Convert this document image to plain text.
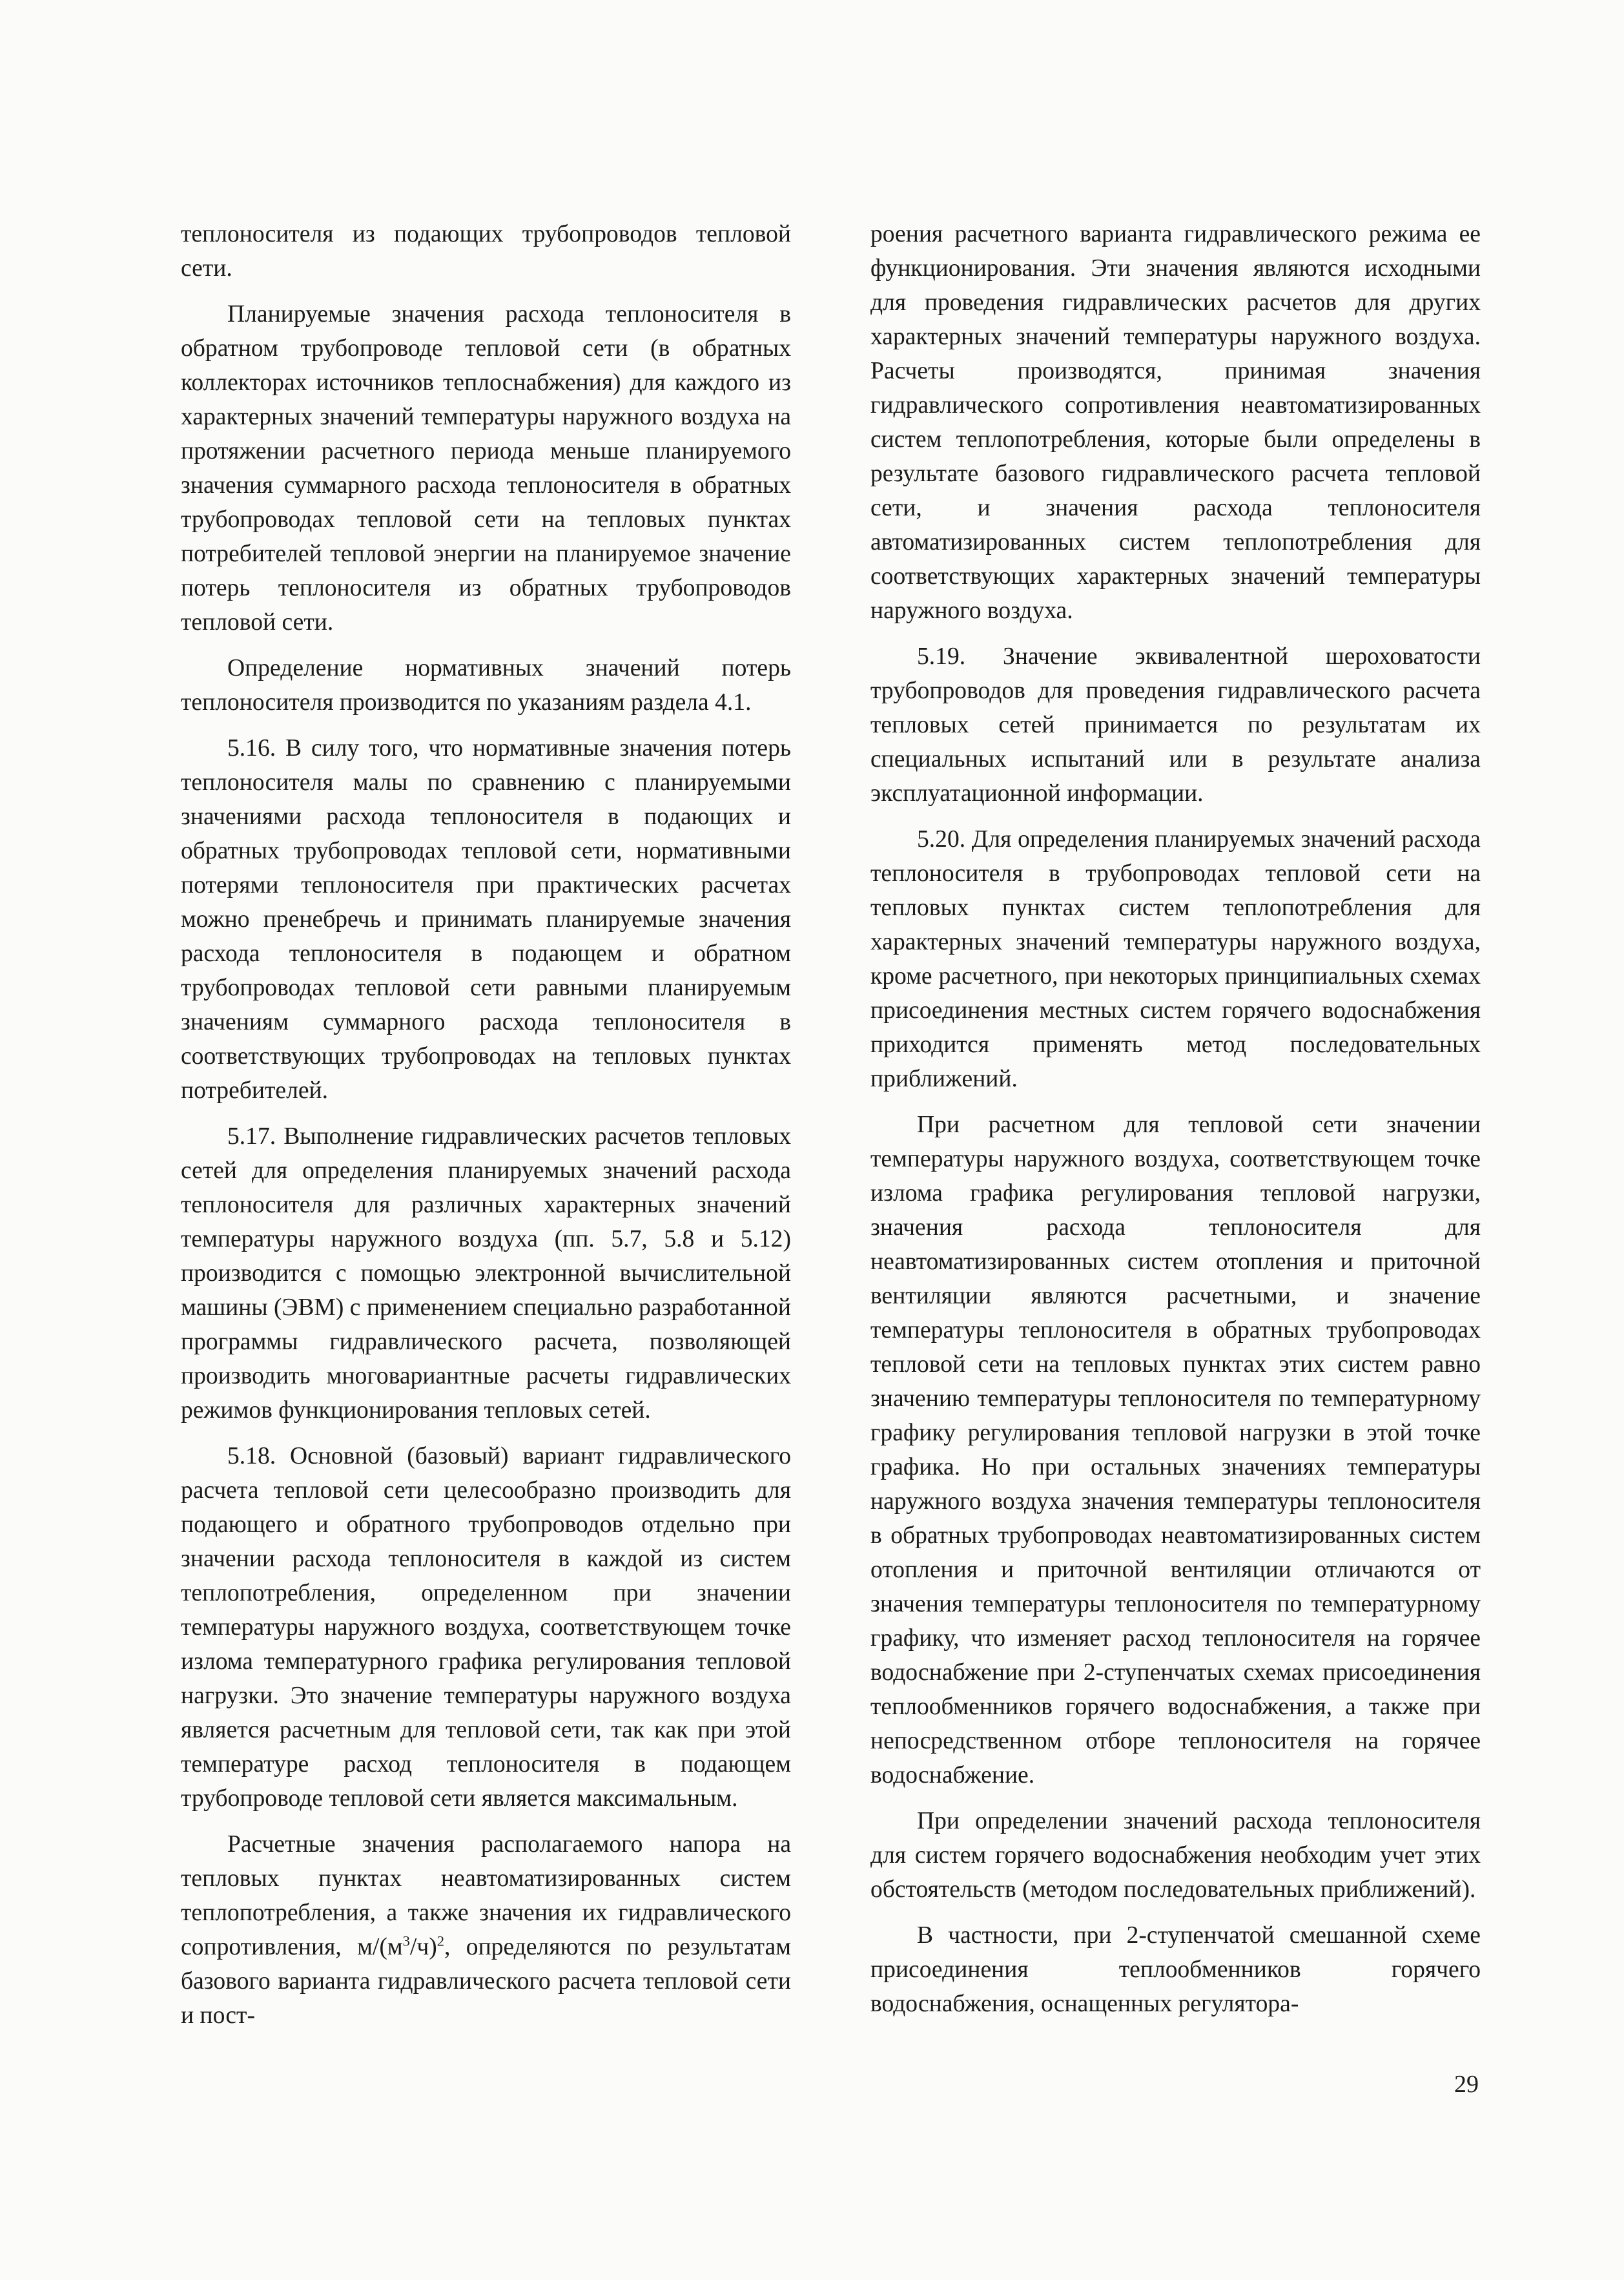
теплоносителя из подающих трубопроводов тепловой сети.

Планируемые значения расхода теплоносителя в обратном трубопроводе тепловой сети (в обратных коллекторах источников теплоснабжения) для каждого из характерных значений температуры наружного воздуха на протяжении расчетного периода меньше планируемого значения суммарного расхода теплоносителя в обратных трубопроводах тепловой сети на тепловых пунктах потребителей тепловой энергии на планируемое значение потерь теплоносителя из обратных трубопроводов тепловой сети.

Определение нормативных значений потерь теплоносителя производится по указаниям раздела 4.1.

5.16. В силу того, что нормативные значения потерь теплоносителя малы по сравнению с планируемыми значениями расхода теплоносителя в подающих и обратных трубопроводах тепловой сети, нормативными потерями теплоносителя при практических расчетах можно пренебречь и принимать планируемые значения расхода теплоносителя в подающем и обратном трубопроводах тепловой сети равными планируемым значениям суммарного расхода теплоносителя в соответствующих трубопроводах на тепловых пунктах потребителей.

5.17. Выполнение гидравлических расчетов тепловых сетей для определения планируемых значений расхода теплоносителя для различных характерных значений температуры наружного воздуха (пп. 5.7, 5.8 и 5.12) производится с помощью электронной вычислительной машины (ЭВМ) с применением специально разработанной программы гидравлического расчета, позволяющей производить многовариантные расчеты гидравлических режимов функционирования тепловых сетей.

5.18. Основной (базовый) вариант гидравлического расчета тепловой сети целесообразно производить для подающего и обратного трубопроводов отдельно при значении расхода теплоносителя в каждой из систем теплопотребления, определенном при значении температуры наружного воздуха, соответствующем точке излома температурного графика регулирования тепловой нагрузки. Это значение температуры наружного воздуха является расчетным для тепловой сети, так как при этой температуре расход теплоносителя в подающем трубопроводе тепловой сети является максимальным.

Расчетные значения располагаемого напора на тепловых пунктах неавтоматизированных систем теплопотребления, а также значения их гидравлического сопротивления, $м/(м^3/ч)^2$, определяются по результатам базового варианта гидравлического расчета тепловой сети и пост-

роения расчетного варианта гидравлического режима ее функционирования. Эти значения являются исходными для проведения гидравлических расчетов для других характерных значений температуры наружного воздуха. Расчеты производятся, принимая значения гидравлического сопротивления неавтоматизированных систем теплопотребления, которые были определены в результате базового гидравлического расчета тепловой сети, и значения расхода теплоносителя автоматизированных систем теплопотребления для соответствующих характерных значений температуры наружного воздуха.

5.19. Значение эквивалентной шероховатости трубопроводов для проведения гидравлического расчета тепловых сетей принимается по результатам их специальных испытаний или в результате анализа эксплуатационной информации.

5.20. Для определения планируемых значений расхода теплоносителя в трубопроводах тепловой сети на тепловых пунктах систем теплопотребления для характерных значений температуры наружного воздуха, кроме расчетного, при некоторых принципиальных схемах присоединения местных систем горячего водоснабжения приходится применять метод последовательных приближений.

При расчетном для тепловой сети значении температуры наружного воздуха, соответствующем точке излома графика регулирования тепловой нагрузки, значения расхода теплоносителя для неавтоматизированных систем отопления и приточной вентиляции являются расчетными, и значение температуры теплоносителя в обратных трубопроводах тепловой сети на тепловых пунктах этих систем равно значению температуры теплоносителя по температурному графику регулирования тепловой нагрузки в этой точке графика. Но при остальных значениях температуры наружного воздуха значения температуры теплоносителя в обратных трубопроводах неавтоматизированных систем отопления и приточной вентиляции отличаются от значения температуры теплоносителя по температурному графику, что изменяет расход теплоносителя на горячее водоснабжение при 2-ступенчатых схемах присоединения теплообменников горячего водоснабжения, а также при непосредственном отборе теплоносителя на горячее водоснабжение.

При определении значений расхода теплоносителя для систем горячего водоснабжения необходим учет этих обстоятельств (методом последовательных приближений).

В частности, при 2-ступенчатой смешанной схеме присоединения теплообменников горячего водоснабжения, оснащенных регулятора-

29
